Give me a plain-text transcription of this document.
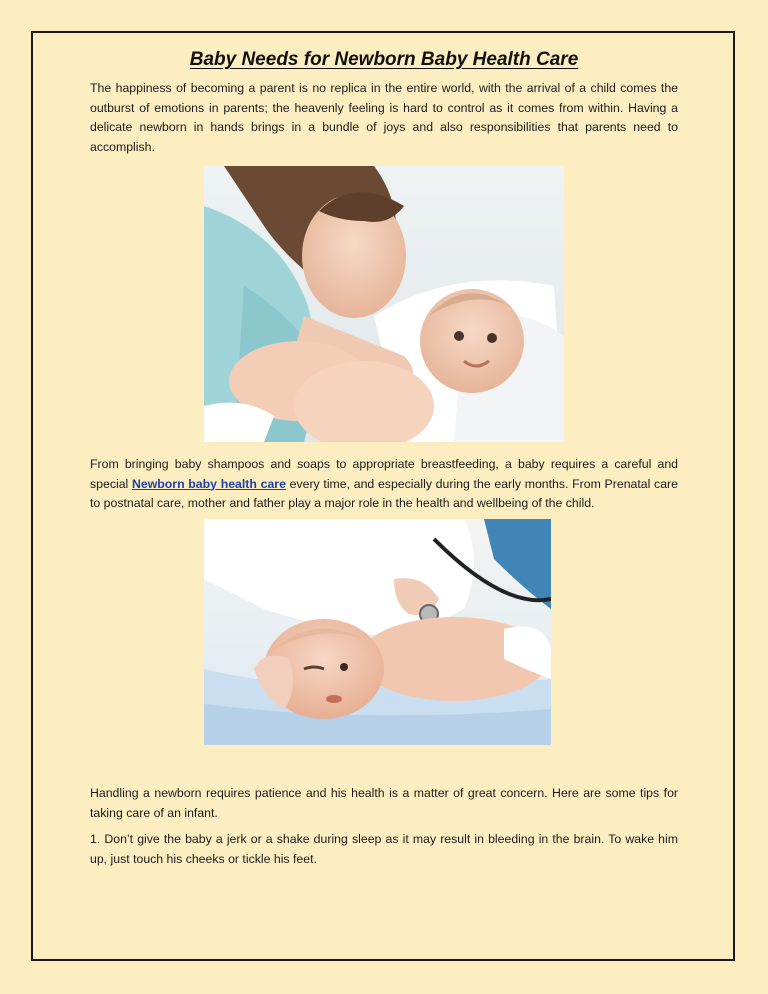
Baby Needs for Newborn Baby Health Care

The happiness of becoming a parent is no replica in the entire world, with the arrival of a child comes the outburst of emotions in parents; the heavenly feeling is hard to control as it comes from within. Having a delicate newborn in hands brings in a bundle of joys and also responsibilities that parents need to accomplish.

From bringing baby shampoos and soaps to appropriate breastfeeding, a baby requires a careful and special Newborn baby health care every time, and especially during the early months. From Prenatal care to postnatal care, mother and father play a major role in the health and wellbeing of the child.

Handling a newborn requires patience and his health is a matter of great concern. Here are some tips for taking care of an infant.

1. Don’t give the baby a jerk or a shake during sleep as it may result in bleeding in the brain. To wake him up, just touch his cheeks or tickle his feet.
